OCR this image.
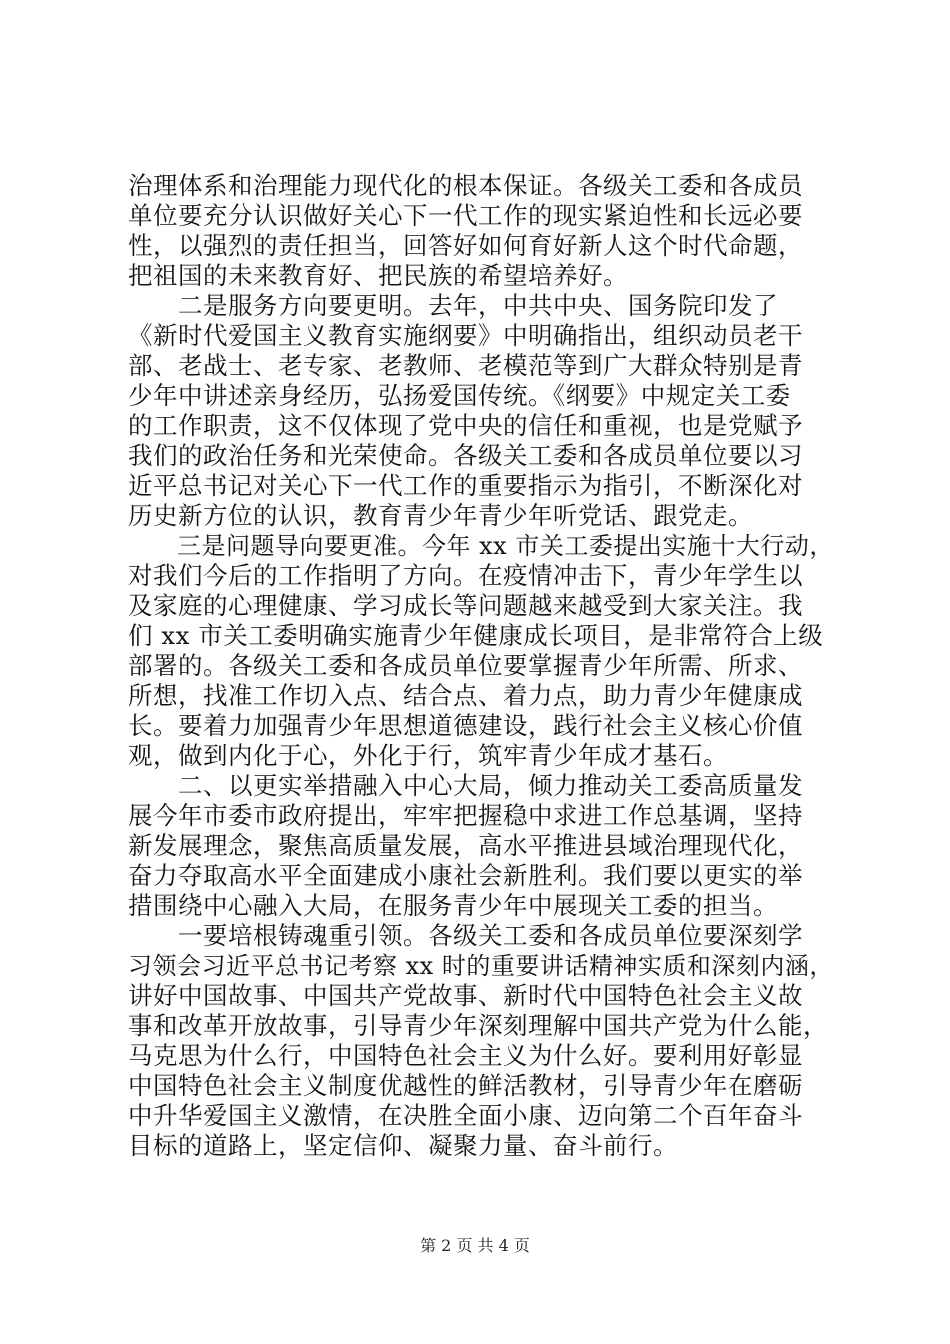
治理体系和治理能力现代化的根本保证。各级关工委和各成员
单位要充分认识做好关心下一代工作的现实紧迫性和长远必要
性，以强烈的责任担当，回答好如何育好新人这个时代命题，
把祖国的未来教育好、把民族的希望培养好。
　　二是服务方向要更明。去年，中共中央、国务院印发了
《新时代爱国主义教育实施纲要》中明确指出，组织动员老干
部、老战士、老专家、老教师、老模范等到广大群众特别是青
少年中讲述亲身经历，弘扬爱国传统。《纲要》中规定关工委
的工作职责，这不仅体现了党中央的信任和重视，也是党赋予
我们的政治任务和光荣使命。各级关工委和各成员单位要以习
近平总书记对关心下一代工作的重要指示为指引，不断深化对
历史新方位的认识，教育青少年青少年听党话、跟党走。
　　三是问题导向要更准。今年 xx 市关工委提出实施十大行动，
对我们今后的工作指明了方向。在疫情冲击下，青少年学生以
及家庭的心理健康、学习成长等问题越来越受到大家关注。我
们 xx 市关工委明确实施青少年健康成长项目，是非常符合上级
部署的。各级关工委和各成员单位要掌握青少年所需、所求、
所想，找准工作切入点、结合点、着力点，助力青少年健康成
长。要着力加强青少年思想道德建设，践行社会主义核心价值
观，做到内化于心，外化于行，筑牢青少年成才基石。
　　二、以更实举措融入中心大局，倾力推动关工委高质量发
展今年市委市政府提出，牢牢把握稳中求进工作总基调，坚持
新发展理念，聚焦高质量发展，高水平推进县域治理现代化，
奋力夺取高水平全面建成小康社会新胜利。我们要以更实的举
措围绕中心融入大局，在服务青少年中展现关工委的担当。
　　一要培根铸魂重引领。各级关工委和各成员单位要深刻学
习领会习近平总书记考察 xx 时的重要讲话精神实质和深刻内涵，
讲好中国故事、中国共产党故事、新时代中国特色社会主义故
事和改革开放故事，引导青少年深刻理解中国共产党为什么能，
马克思为什么行，中国特色社会主义为什么好。要利用好彰显
中国特色社会主义制度优越性的鲜活教材，引导青少年在磨砺
中升华爱国主义激情，在决胜全面小康、迈向第二个百年奋斗
目标的道路上，坚定信仰、凝聚力量、奋斗前行。
第 2 页 共 4 页
